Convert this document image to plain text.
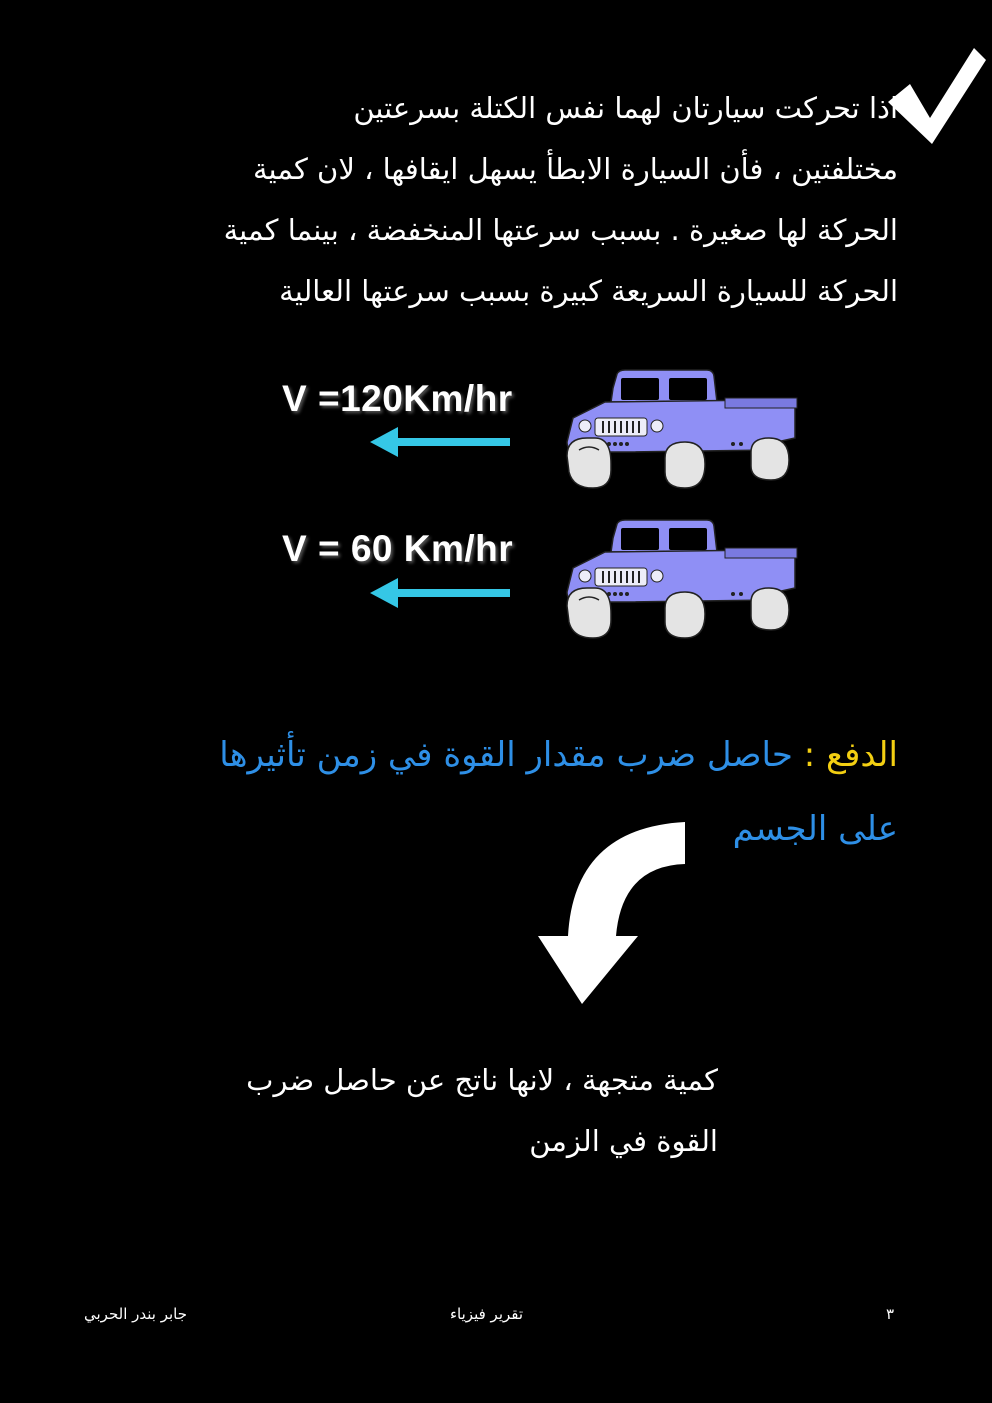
اذا تحركت سيارتان لهما نفس الكتلة بسرعتين
مختلفتين ، فأن السيارة الابطأ يسهل ايقافها ، لان كمية
الحركة لها صغيرة . بسبب سرعتها المنخفضة ، بينما كمية
الحركة للسيارة السريعة كبيرة بسبب سرعتها العالية

V =120Km/hr

V = 60 Km/hr

الدفع : حاصل ضرب مقدار القوة في زمن تأثيرها
على الجسم

كمية متجهة ، لانها ناتج عن حاصل ضرب
القوة في الزمن

جابر بندر الحربي	تقرير فيزياء	٣
